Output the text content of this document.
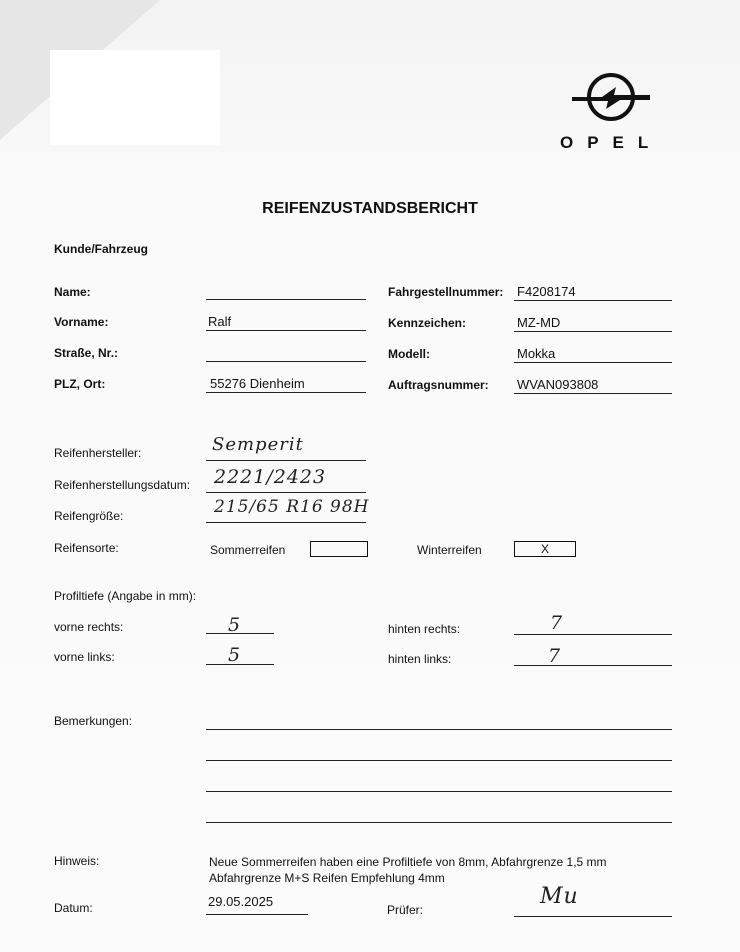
OPEL
REIFENZUSTANDSBERICHT
Kunde/Fahrzeug
Name:
Vorname:	Ralf
Straße, Nr.:
PLZ, Ort:	55276 Dienheim
Fahrgestellnummer: F4208174
Kennzeichen:	MZ-MD
Modell:	Mokka
Auftragsnummer: WVAN093808
Reifenhersteller:	Semperit
Reifenherstellungsdatum: 2221/2423
Reifengröße:	215/65 R16 98H
Reifensorte:	Sommerreifen	Winterreifen	X
Profiltiefe (Angabe in mm):
vorne rechts:	5
vorne links:	5
hinten rechts:	7
hinten links:	7
Bemerkungen:
Hinweis:	Neue Sommerreifen haben eine Profiltiefe von 8mm, Abfahrgrenze 1,5 mm
Abfahrgrenze M+S Reifen Empfehlung 4mm
Datum:	29.05.2025
Prüfer:
Mu
